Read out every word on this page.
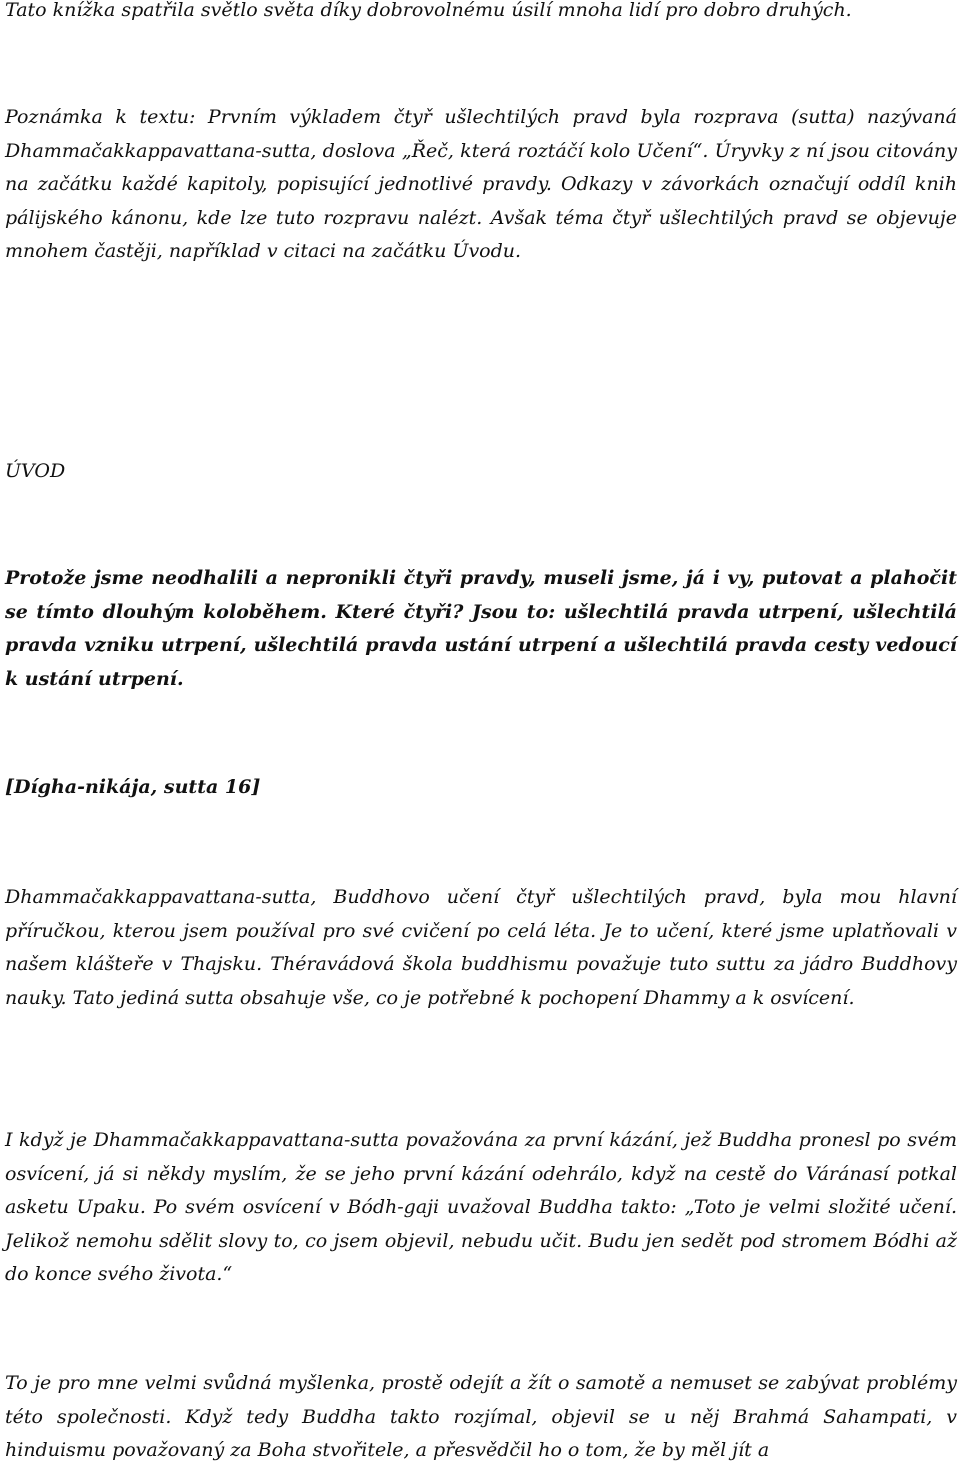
Tato knížka spatřila světlo světa díky dobrovolnému úsilí mnoha lidí pro dobro druhých.

Poznámka k textu: Prvním výkladem čtyř ušlechtilých pravd byla rozprava (sutta) nazývaná Dhammačakkappavattana-sutta, doslova „Řeč, která roztáčí kolo Učení“. Úryvky z ní jsou citovány na začátku každé kapitoly, popisující jednotlivé pravdy. Odkazy v závorkách označují oddíl knih pálijského kánonu, kde lze tuto rozpravu nalézt. Avšak téma čtyř ušlechtilých pravd se objevuje mnohem častěji, například v citaci na začátku Úvodu.

ÚVOD

Protože jsme neodhalili a nepronikli čtyři pravdy, museli jsme, já i vy, putovat a plahočit se tímto dlouhým koloběhem. Které čtyři? Jsou to: ušlechtilá pravda utrpení, ušlechtilá pravda vzniku utrpení, ušlechtilá pravda ustání utrpení a ušlechtilá pravda cesty vedoucí k ustání utrpení.

[Dígha-nikája, sutta 16]

Dhammačakkappavattana-sutta, Buddhovo učení čtyř ušlechtilých pravd, byla mou hlavní příručkou, kterou jsem používal pro své cvičení po celá léta. Je to učení, které jsme uplatňovali v našem klášteře v Thajsku. Théravádová škola buddhismu považuje tuto suttu za jádro Buddhovy nauky. Tato jediná sutta obsahuje vše, co je potřebné k pochopení Dhammy a k osvícení.

I když je Dhammačakkappavattana-sutta považována za první kázání, jež Buddha pronesl po svém osvícení, já si někdy myslím, že se jeho první kázání odehrálo, když na cestě do Váránasí potkal asketu Upaku. Po svém osvícení v Bódh-gaji uvažoval Buddha takto: „Toto je velmi složité učení. Jelikož nemohu sdělit slovy to, co jsem objevil, nebudu učit. Budu jen sedět pod stromem Bódhi až do konce svého života.“

To je pro mne velmi svůdná myšlenka, prostě odejít a žít o samotě a nemuset se zabývat problémy této společnosti. Když tedy Buddha takto rozjímal, objevil se u něj Brahmá Sahampati, v hinduismu považovaný za Boha stvořitele, a přesvědčil ho o tom, že by měl jít a
